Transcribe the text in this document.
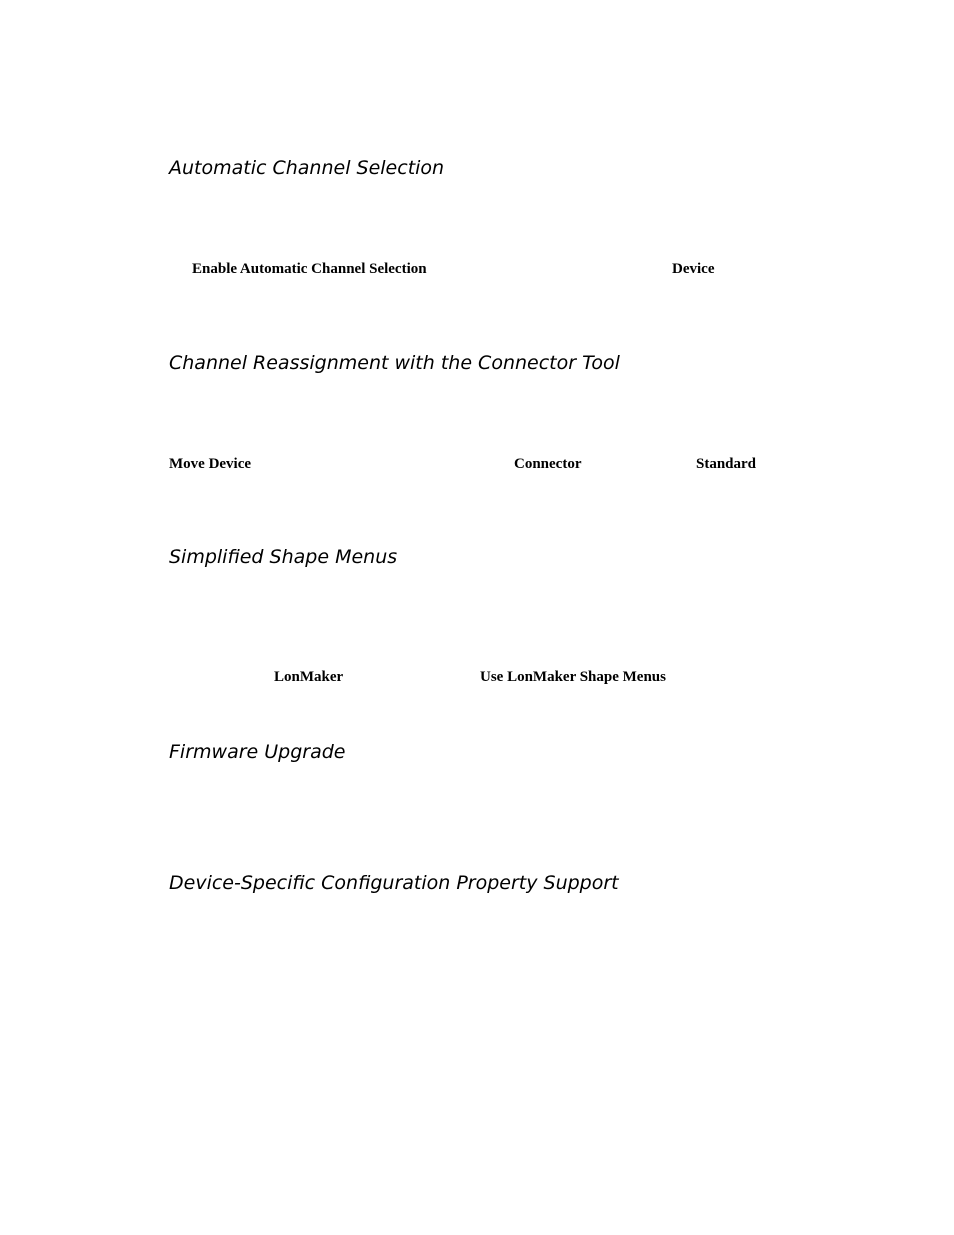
Automatic Channel Selection
Enable Automatic Channel Selection	Device
Channel Reassignment with the Connector Tool
Move Device	Connector	Standard
Simplified Shape Menus
LonMaker	Use LonMaker Shape Menus
Firmware Upgrade
Device-Specific Configuration Property Support
